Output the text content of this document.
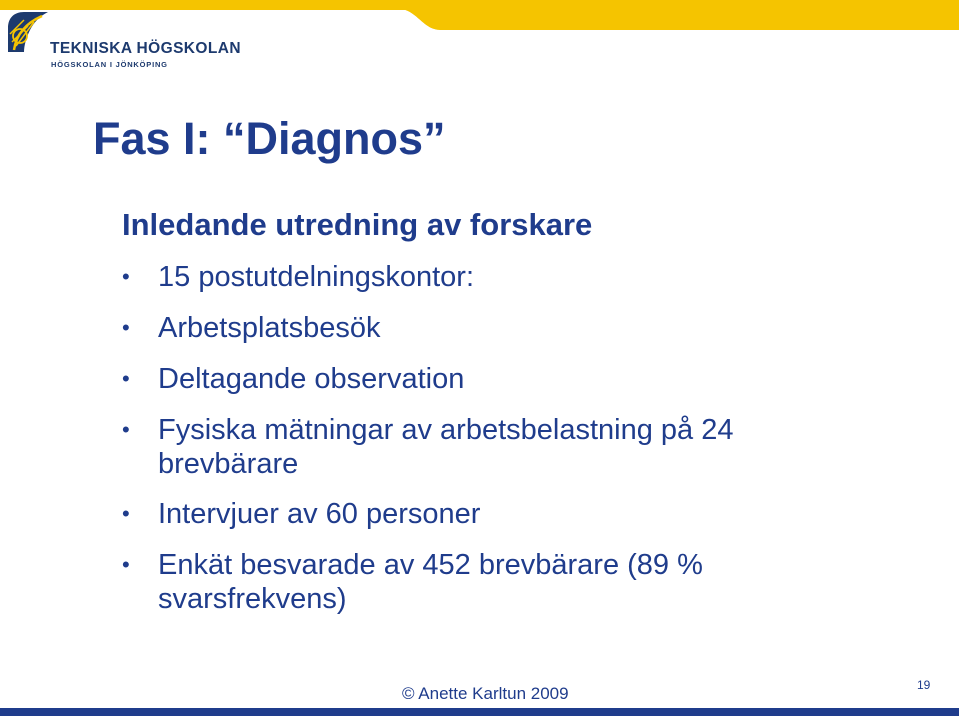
TEKNISKA HÖGSKOLAN
HÖGSKOLAN I JÖNKÖPING
Fas I: “Diagnos”
Inledande utredning av forskare
• 15 postutdelningskontor:
• Arbetsplatsbesök
• Deltagande observation
• Fysiska mätningar av arbetsbelastning på 24 brevbärare
• Intervjuer av 60 personer
• Enkät besvarade av 452 brevbärare (89 % svarsfrekvens)
© Anette Karltun 2009	19
